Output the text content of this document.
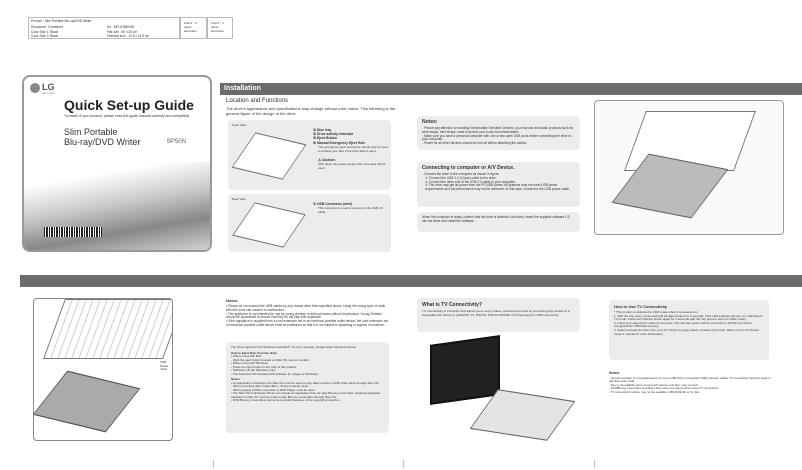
Product : Slim Portable Blu-ray/DVD Writer
Document : Combined	No : MFL67680030
Color Side 1: Black
Color Side 2: Black
Flat size : 90 x 25 cm
Finished size : 12.5 x 12.5 cm
Fold 1 : 4 panel accordion
Fold 2 : 4 panel accordion
LG
Life's Good
Quick Set-up Guide
To install of your product, please read this guide manual carefully and completely.
Slim Portable
Blu-ray/DVD Writer	BP50N
Installation
Location and Functions
The drive's appearance and specifications may change without prior notice. This following is the general figure of the design of the drive.
Front View
① Disc tray
② Drive activity indicator
③ Eject Button
④ Manual Emergency Eject Hole
The emergency eject procedure should only be used to retrieve your disc if the drive fails to eject.
⚠ Caution:
Shut down the power supply when this eject will be used.
Rear View
① USB Connector (mini)
This connector is used to connect to the USB 2.0 cable.
Notes:
- Please pay attention to handling Electrostatic Sensitive Devices, you may use anti-static products such as wrist straps, heel straps, mats to protect your body from electrostatic.
- Make sure you have a personal computer with one or two open USB ports before connecting the drive to your computer.
- Power for all other devices should be turn off before attaching the cables.
Connecting to computer or A/V Device.
- Connect the drive to the computer as shown in figure.
① Connect the USB 2.0 (Y-type) cable to the drive.
② Connect the other end of the USB 2.0 cable to your computer.
③ The drive may get its power from the PC/USB power. All systems may not meet USB power requirements and full performance may not be achieved. In this case, connect to the USB power cable.
When the computer is ready, confirm that the drive is detected. And then, insert the supplied software CD into the drive and install the software.
USB Power cable
Notes:
• Please do not connect the USB cables by any means other than specified above. Using the wrong type of cable with this drive can cause it to malfunction.
• The appliance is not intended for use by young children or infirm persons without supervision. Young Children should be supervised to ensure that they do not play with appliance.
• If the appliance is supplied from a cord extension set or an electrical portable outlet device, the cord extension set on electrical portable outlet device must be positioned so that it is not subject to splashing or ingress of moisture.
The drive supports both Windows and Mac®. To use it properly, please follow directions below.
How to Eject Disc from the drive
• When using with Mac
- Click the eject button located on Mac OS menu or toolbar.
• When using with Windows
- Press the eject button in the front of the product.
• Software CD (for Windows only)
- The Software CD includes DVD software for usage for Windows.
Notes:
• An application included in the Mac OS must be used to play data records or DVD video discs through Mac OS.
- When recording data: Finder Burn, iTunes must be used.
- When playing a DVD movie disc: A DVD Player must be used.
• The Mac OS & Windows OS do not include an application that can play Blu-ray movie titles. Separate playback software for Mac OS must be used to play Blu-ray movie titles through Mac OS.
• DVD/Blu-ray movie titles cannot be recorded because of the copyright protection.
What is TV Connectivity?
TV Connectivity is a function that allows you to enjoy videos, pictures and music by connecting this product to a compatible A/V device (e.g.DIGITAL TV, DIGITAL PHOTO FRAME, PC) that supports USB connectivity.
How to Use TV Connectivity
* This product is defaulted to ODD mode when it is powered on.
1. With the tray open, press and hold the Eject button for 3 seconds. (The LED indicator will turn on, switching to TV mode. Press and hold the button again for 3 seconds with the tray open to return to ODD mode).
2. Insert your supported media into the drive. The disc file system will be converted to FAT32 and will be recognized as USB flash memory.
3. Select and play the files from your A/V device to enjoy videos, pictures and music. Refer to your A/V device owner's manual for more information.
Notes:
- Normal operation is not guaranteed if you use a USB hub or unspecified USB extension cables. TV connectivity functions support with files under 4GB.
- Due to compatibility issue of some A/V devices and disc, may not work.
- DVD/Blu-ray movie titles and album titles cannot be played when using TV connectivity.
- TV connectivity function may not be available in BD-R/RE DL or XL disc.
